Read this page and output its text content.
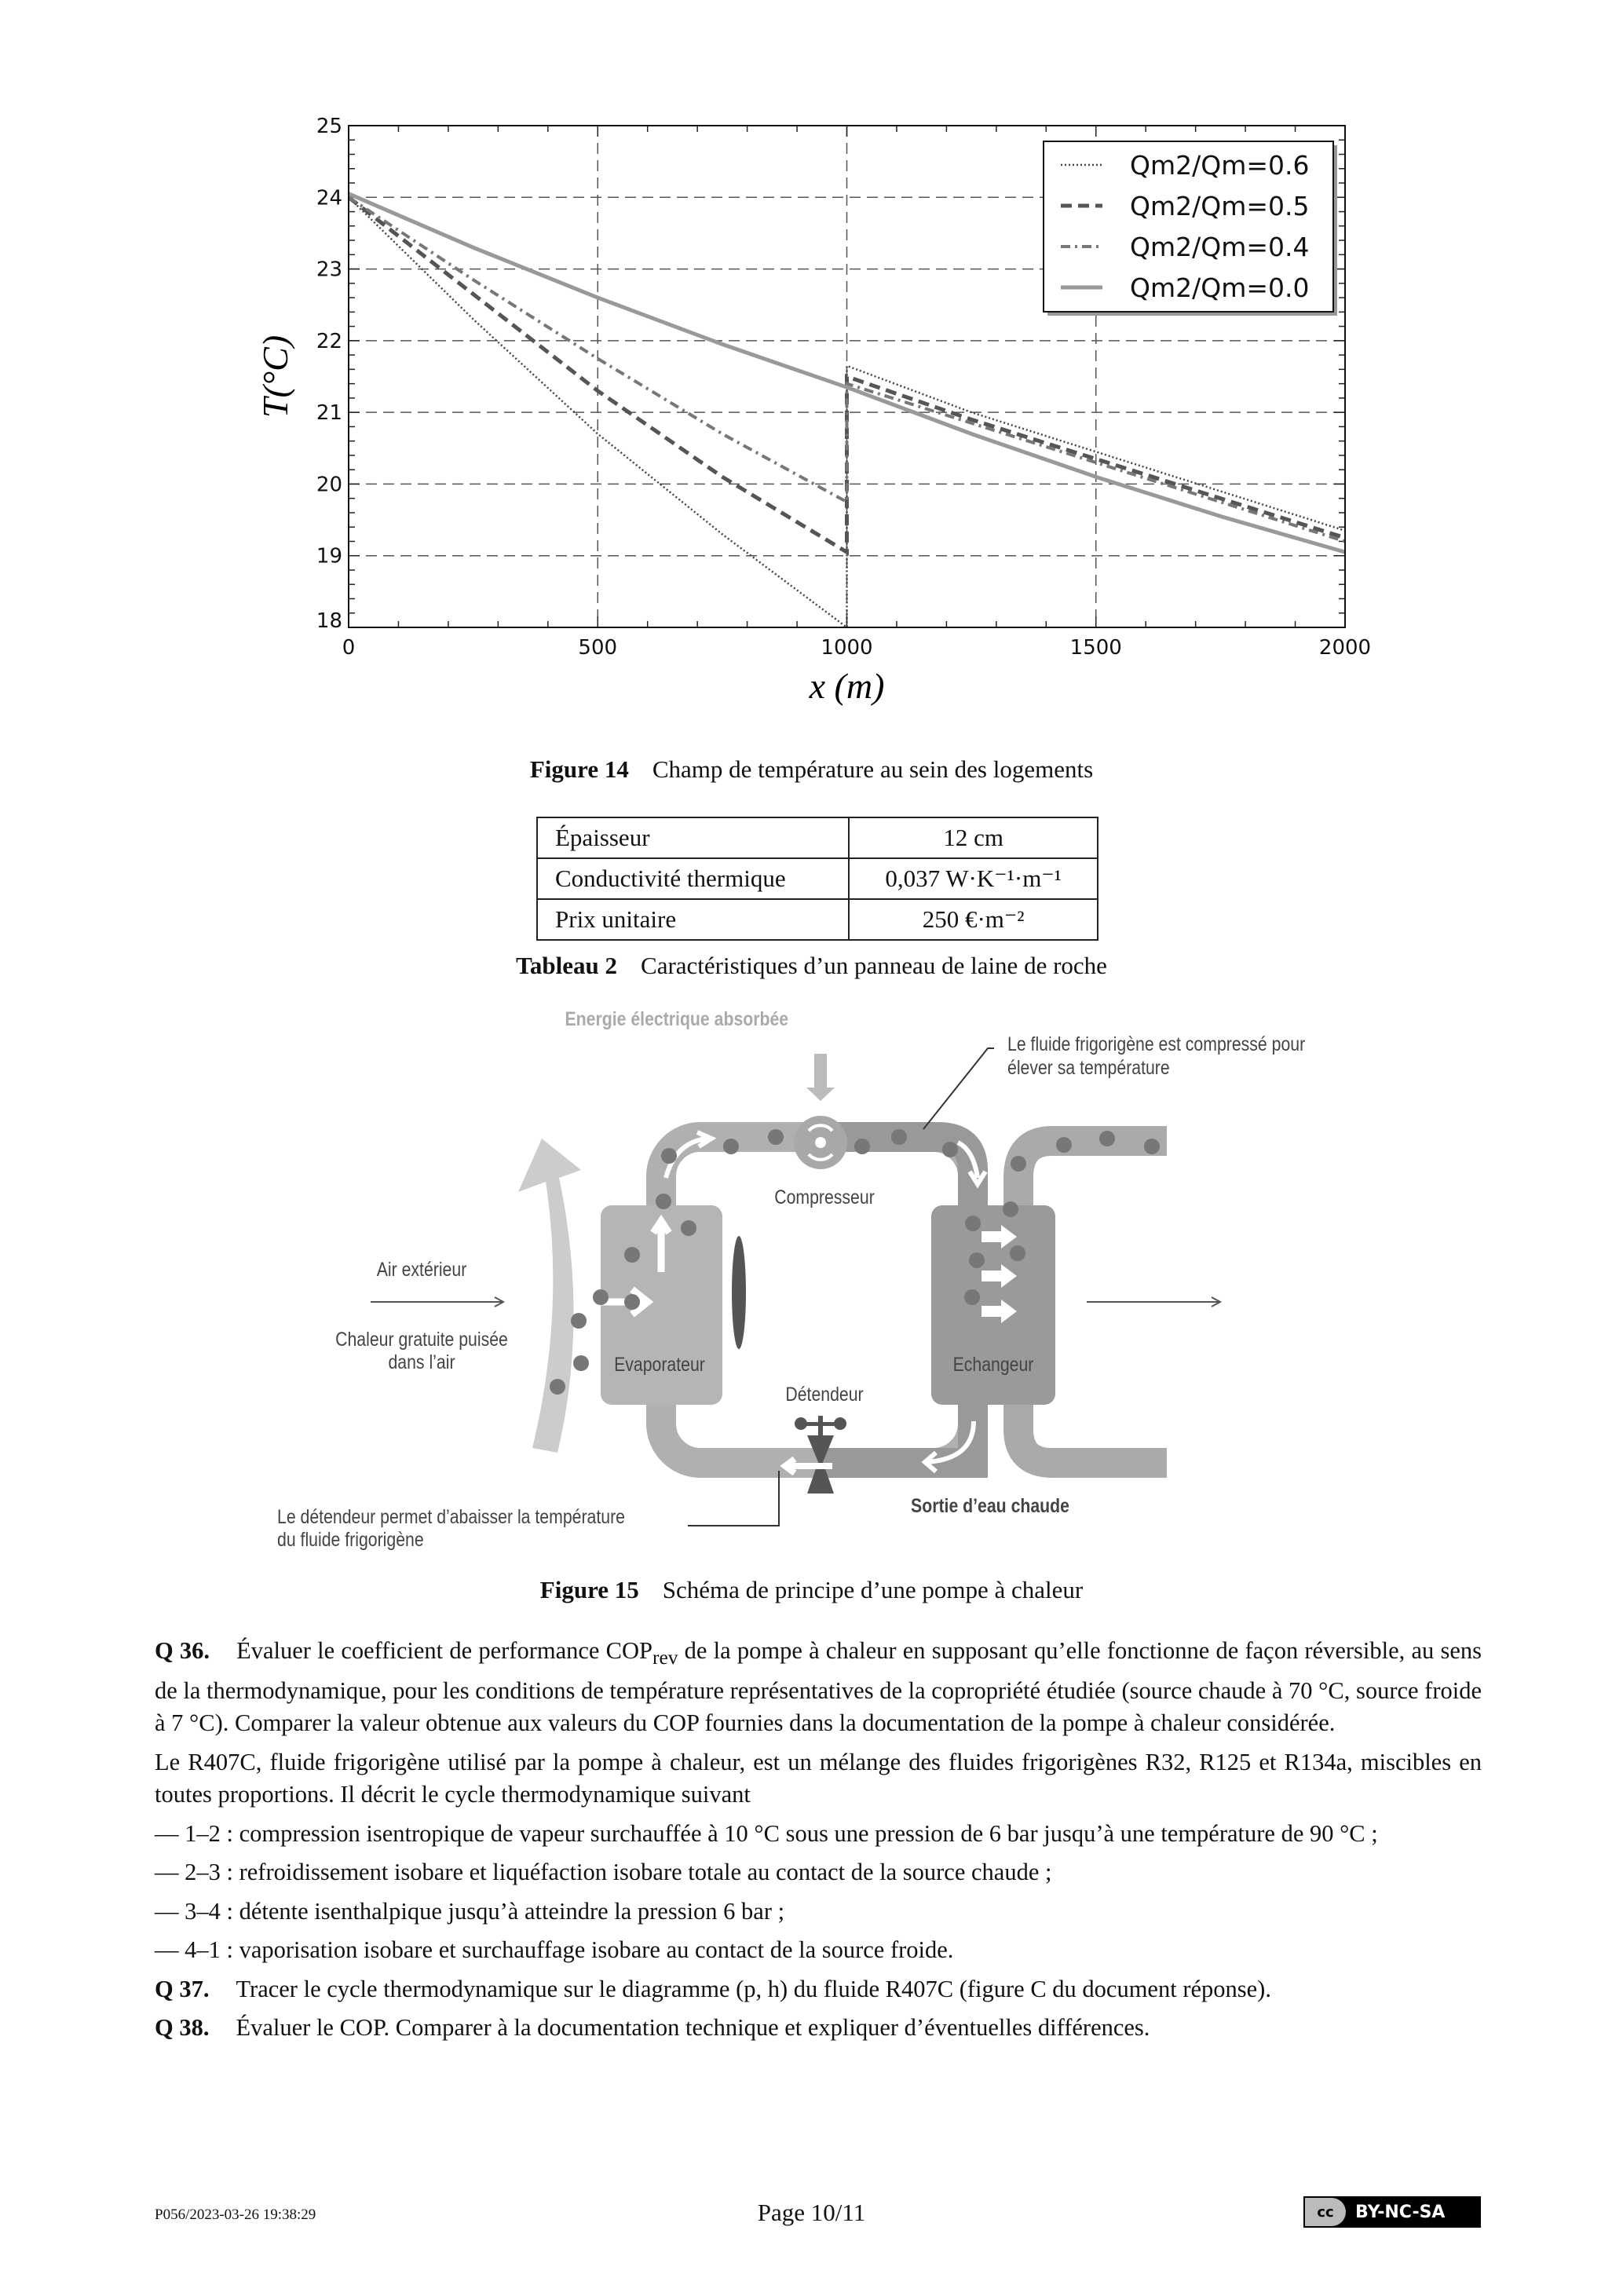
0	500	1000	1500	2000
18
19
20
21
22
23
24
25
x (m)
T(°C)
Qm2/Qm=0.6
Qm2/Qm=0.5
Qm2/Qm=0.4
Qm2/Qm=0.0
Figure 14 Champ de température au sein des logements
Épaisseur	12 cm
Conductivité thermique	0,037 W·K⁻¹·m⁻¹
Prix unitaire	250 €·m⁻²
Tableau 2 Caractéristiques d’un panneau de laine de roche
Energie électrique absorbée
Le fluide frigorigène est compressé pour
élever sa température
Compresseur
Air extérieur
Chaleur gratuite puisée
dans l’air	Evaporateur	Echangeur
Détendeur
Sortie d’eau chaude
Le détendeur permet d’abaisser la température
du fluide frigorigène
Figure 15 Schéma de principe d’une pompe à chaleur

Q 36. Évaluer le coefficient de performance $COP_{rev}$ de la pompe à chaleur en supposant qu’elle fonctionne de façon réversible, au sens de la thermodynamique, pour les conditions de température représentatives de la copropriété étudiée (source chaude à 70 °C, source froide à 7 °C). Comparer la valeur obtenue aux valeurs du COP fournies dans la documentation de la pompe à chaleur considérée.

Le R407C, fluide frigorigène utilisé par la pompe à chaleur, est un mélange des fluides frigorigènes R32, R125 et R134a, miscibles en toutes proportions. Il décrit le cycle thermodynamique suivant

— 1–2 : compression isentropique de vapeur surchauffée à 10 °C sous une pression de 6 bar jusqu’à une température de 90 °C ;
— 2–3 : refroidissement isobare et liquéfaction isobare totale au contact de la source chaude ;
— 3–4 : détente isenthalpique jusqu’à atteindre la pression 6 bar ;
— 4–1 : vaporisation isobare et surchauffage isobare au contact de la source froide.

Q 37. Tracer le cycle thermodynamique sur le diagramme (p, h) du fluide R407C (figure C du document réponse).

Q 38. Évaluer le COP. Comparer à la documentation technique et expliquer d’éventuelles différences.

P056/2023-03-26 19:38:29	Page 10/11	cc	BY-NC-SA
